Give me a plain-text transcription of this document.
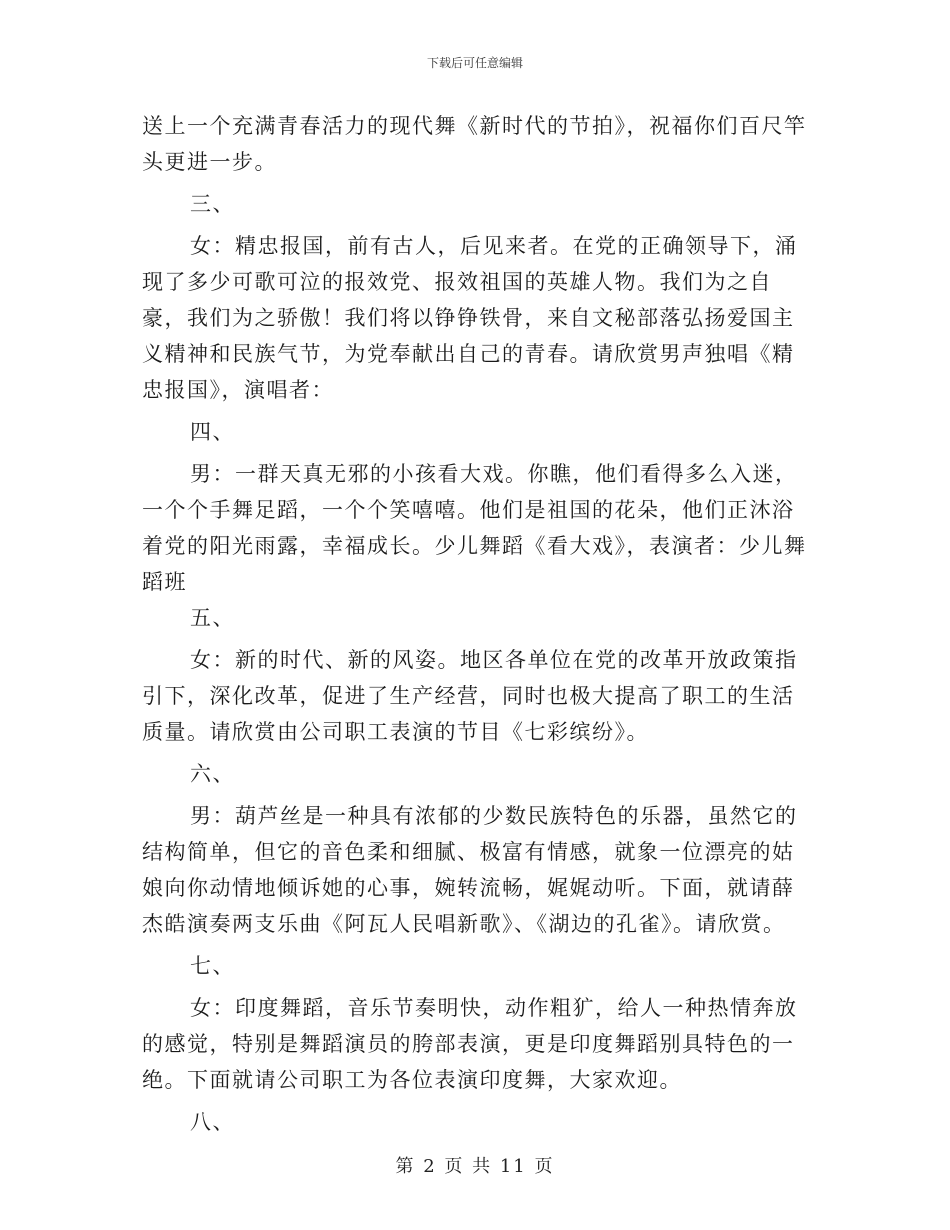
下载后可任意编辑

送上一个充满青春活力的现代舞《新时代的节拍》，祝福你们百尺竿头更进一步。

三、

女：精忠报国，前有古人，后见来者。在党的正确领导下，涌现了多少可歌可泣的报效党、报效祖国的英雄人物。我们为之自豪，我们为之骄傲！我们将以铮铮铁骨，来自文秘部落弘扬爱国主义精神和民族气节，为党奉献出自己的青春。请欣赏男声独唱《精忠报国》，演唱者：

四、

男：一群天真无邪的小孩看大戏。你瞧，他们看得多么入迷，一个个手舞足蹈，一个个笑嘻嘻。他们是祖国的花朵，他们正沐浴着党的阳光雨露，幸福成长。少儿舞蹈《看大戏》，表演者：少儿舞蹈班

五、

女：新的时代、新的风姿。地区各单位在党的改革开放政策指引下，深化改革，促进了生产经营，同时也极大提高了职工的生活质量。请欣赏由公司职工表演的节目《七彩缤纷》。

六、

男：葫芦丝是一种具有浓郁的少数民族特色的乐器，虽然它的结构简单，但它的音色柔和细腻、极富有情感，就象一位漂亮的姑娘向你动情地倾诉她的心事，婉转流畅，娓娓动听。下面，就请薛杰皓演奏两支乐曲《阿瓦人民唱新歌》、《湖边的孔雀》。请欣赏。

七、

女：印度舞蹈，音乐节奏明快，动作粗犷，给人一种热情奔放的感觉，特别是舞蹈演员的胯部表演，更是印度舞蹈别具特色的一绝。下面就请公司职工为各位表演印度舞，大家欢迎。

八、

第 2 页 共 11 页
